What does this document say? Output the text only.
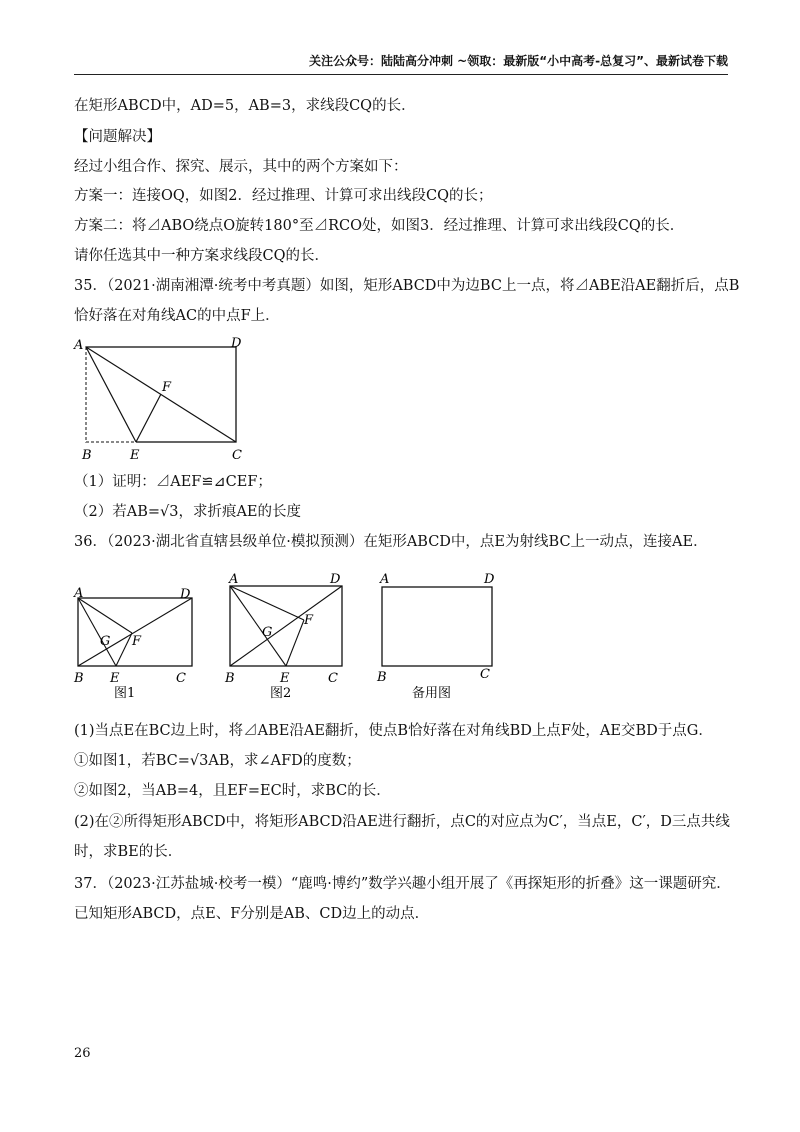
关注公众号：陆陆高分冲刺 ~领取：最新版“小中高考-总复习”、最新试卷下载
在矩形ABCD中，AD=5，AB=3，求线段CQ的长．
【问题解决】
经过小组合作、探究、展示，其中的两个方案如下：
方案一：连接OQ，如图2．经过推理、计算可求出线段CQ的长；
方案二：将⊿ABO绕点O旋转180°至⊿RCO处，如图3．经过推理、计算可求出线段CQ的长．
请你任选其中一种方案求线段CQ的长．
35．（2021·湖南湘潭·统考中考真题）如图，矩形ABCD中为边BC上一点，将⊿ABE沿AE翻折后，点B
恰好落在对角线AC的中点F上．
A	D
F
B	E	C
（1）证明：⊿AEF≌⊿CEF；
（2）若AB=√3，求折痕AE的长度
36．（2023·湖北省直辖县级单位·模拟预测）在矩形ABCD中，点E为射线BC上一动点，连接AE．
A	D
G F
B E	C
图1
A	D
G
F
B	E	C
图2
A	D
B	C
备用图
(1)当点E在BC边上时，将⊿ABE沿AE翻折，使点B恰好落在对角线BD上点F处，AE交BD于点G．
①如图1，若BC=√3AB，求∠AFD的度数；
②如图2，当AB=4，且EF=EC时，求BC的长．
(2)在②所得矩形ABCD中，将矩形ABCD沿AE进行翻折，点C的对应点为C′，当点E，C′，D三点共线
时，求BE的长．
37．（2023·江苏盐城·校考一模）“鹿鸣·博约”数学兴趣小组开展了《再探矩形的折叠》这一课题研究．
已知矩形ABCD，点E、F分别是AB、CD边上的动点．
26
